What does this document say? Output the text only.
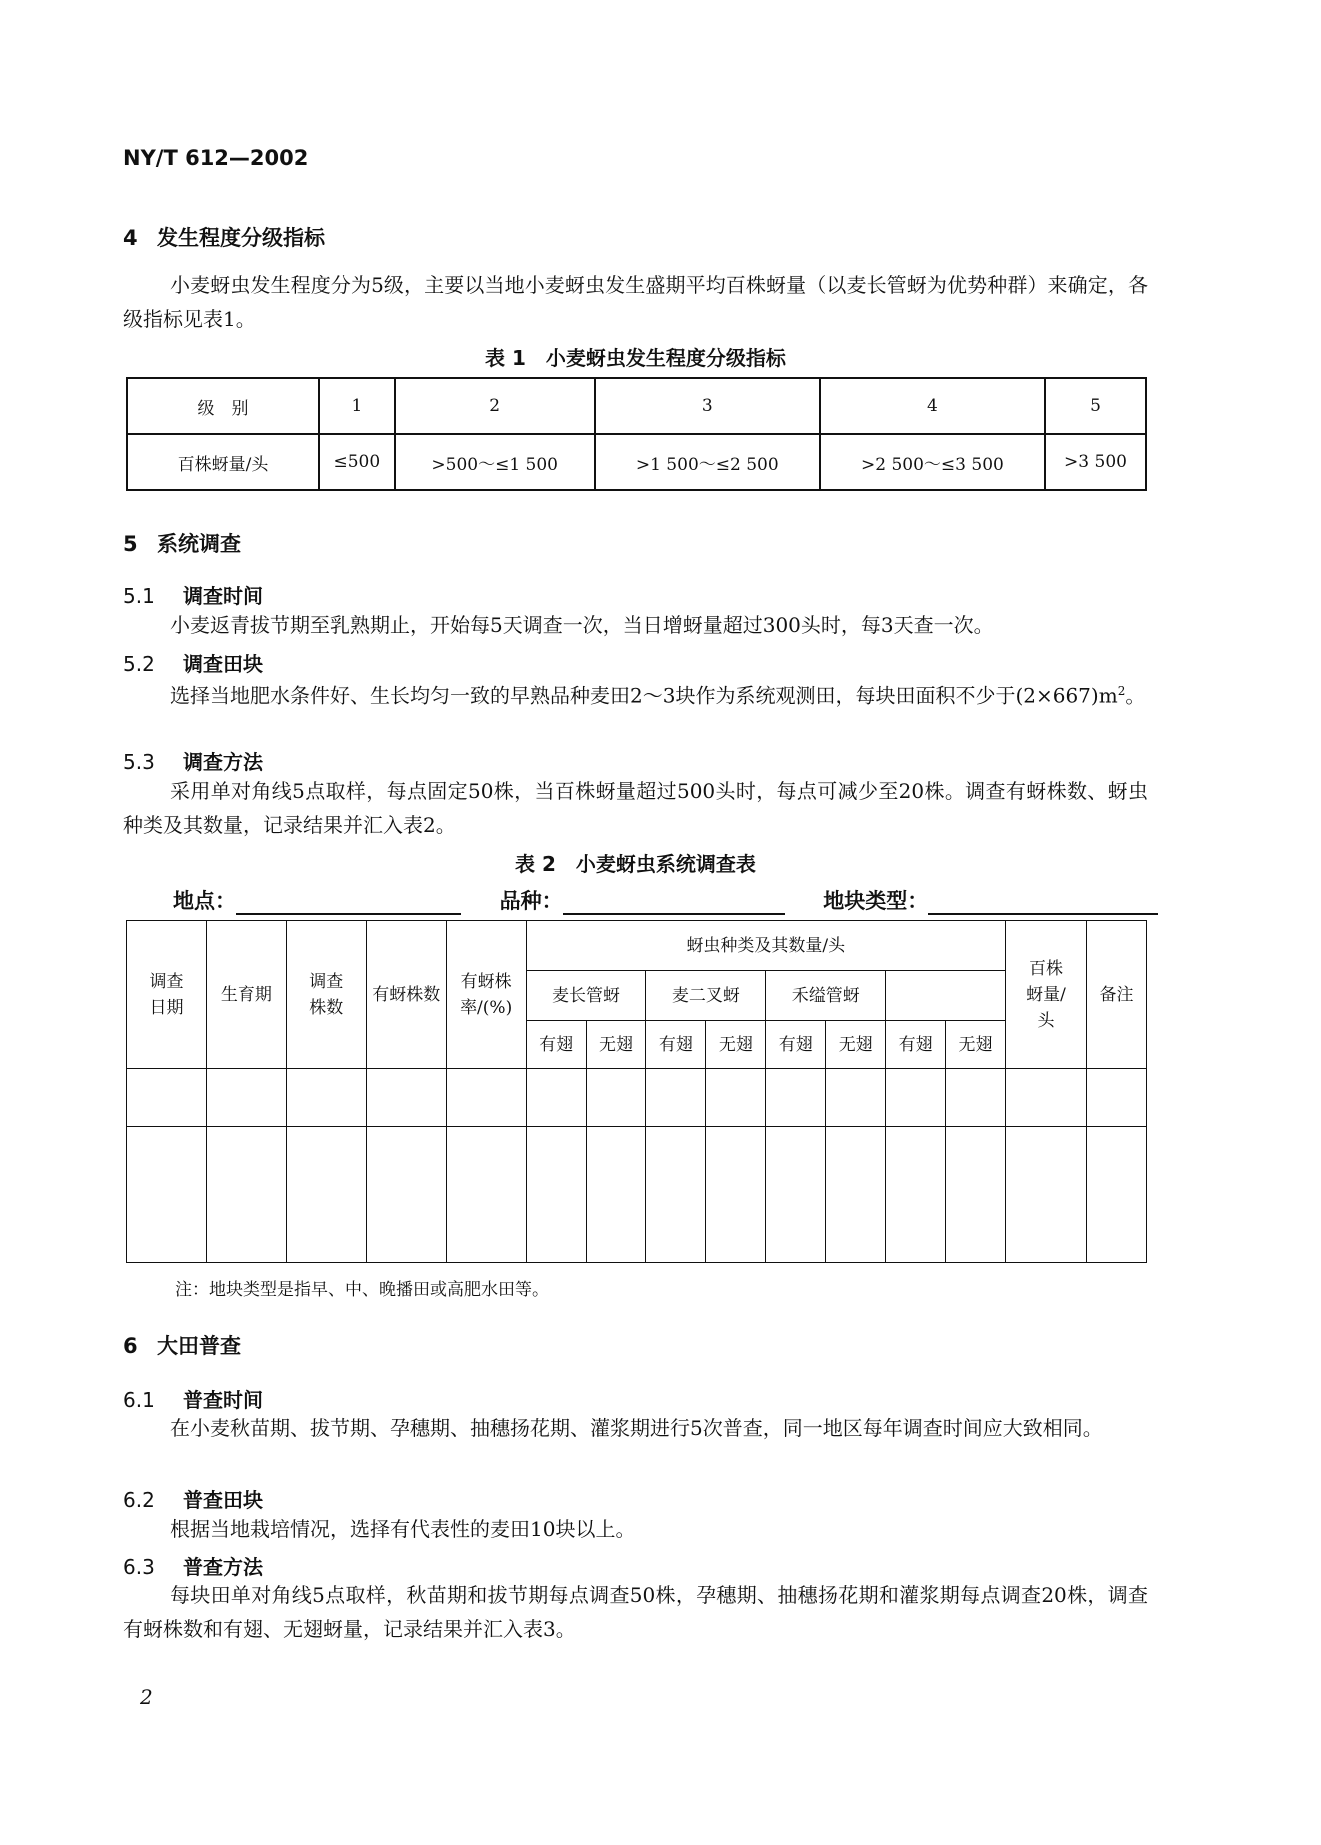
NY/T 612—2002
4 发生程度分级指标
小麦蚜虫发生程度分为5级，主要以当地小麦蚜虫发生盛期平均百株蚜量（以麦长管蚜为优势种群）来确定，各级指标见表1。
表 1　小麦蚜虫发生程度分级指标
级　别	1	2	3	4	5
百株蚜量/头	≤500	>500～≤1 500	>1 500～≤2 500	>2 500～≤3 500	>3 500
5 系统调查
5.1 调查时间
小麦返青拔节期至乳熟期止，开始每5天调查一次，当日增蚜量超过300头时，每3天查一次。
5.2 调查田块
选择当地肥水条件好、生长均匀一致的早熟品种麦田2～3块作为系统观测田，每块田面积不少于$(2\times 667)m^2$。
5.3 调查方法
采用单对角线5点取样，每点固定50株，当百株蚜量超过500头时，每点可减少至20株。调查有蚜株数、蚜虫种类及其数量，记录结果并汇入表2。
表 2　小麦蚜虫系统调查表
地点：	品种：	地块类型：
调查日期	生育期	调查株数	有蚜株数	有蚜株率/(%)	蚜虫种类及其数量/头								百株蚜量/头	备注
					麦长管蚜		麦二叉蚜		禾缢管蚜					
					有翅	无翅	有翅	无翅	有翅	无翅	有翅	无翅		

注：地块类型是指早、中、晚播田或高肥水田等。
6 大田普查
6.1 普查时间
在小麦秋苗期、拔节期、孕穗期、抽穗扬花期、灌浆期进行5次普查，同一地区每年调查时间应大致相同。
6.2 普查田块
根据当地栽培情况，选择有代表性的麦田10块以上。
6.3 普查方法
每块田单对角线5点取样，秋苗期和拔节期每点调查50株，孕穗期、抽穗扬花期和灌浆期每点调查20株，调查有蚜株数和有翅、无翅蚜量，记录结果并汇入表3。
2
